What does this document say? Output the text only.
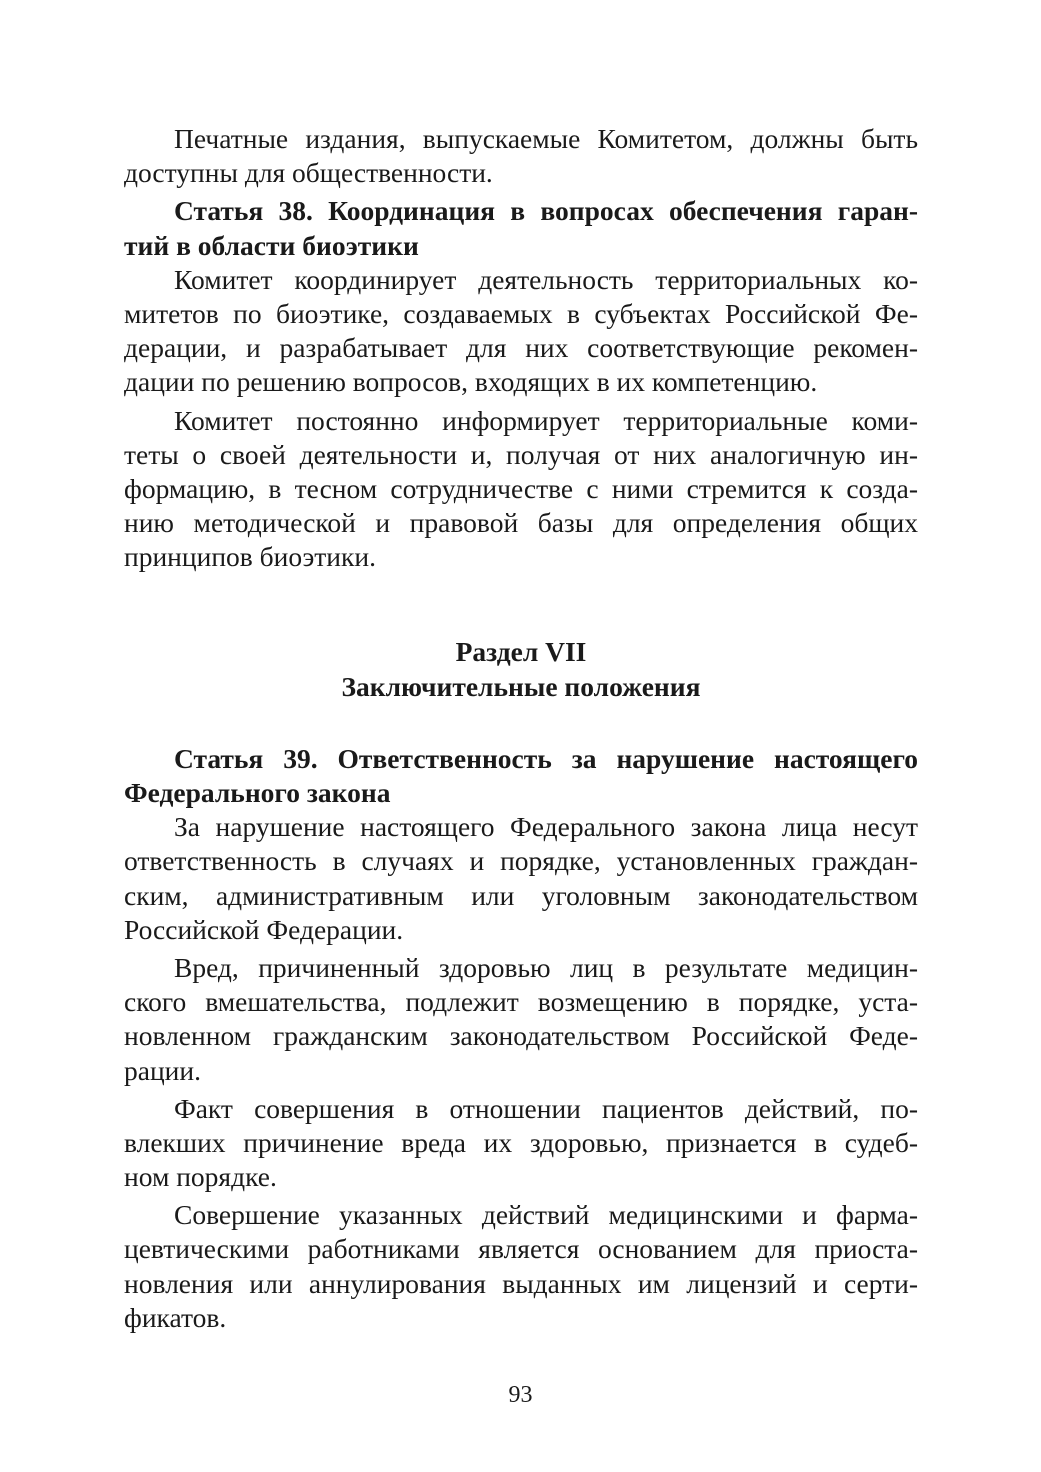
Печатные издания, выпускаемые Комитетом, должны быть
доступны для общественности.
Статья 38. Координация в вопросах обеспечения гаран-
тий в области биоэтики
Комитет координирует деятельность территориальных ко-
митетов по биоэтике, создаваемых в субъектах Российской Фе-
дерации, и разрабатывает для них соответствующие рекомен-
дации по решению вопросов, входящих в их компетенцию.
Комитет постоянно информирует территориальные коми-
теты о своей деятельности и, получая от них аналогичную ин-
формацию, в тесном сотрудничестве с ними стремится к созда-
нию методической и правовой базы для определения общих
принципов биоэтики.
Раздел VII
Заключительные положения
Статья 39. Ответственность за нарушение настоящего
Федерального закона
За нарушение настоящего Федерального закона лица несут
ответственность в случаях и порядке, установленных граждан-
ским, административным или уголовным законодательством
Российской Федерации.
Вред, причиненный здоровью лиц в результате медицин-
ского вмешательства, подлежит возмещению в порядке, уста-
новленном гражданским законодательством Российской Феде-
рации.
Факт совершения в отношении пациентов действий, по-
влекших причинение вреда их здоровью, признается в судеб-
ном порядке.
Совершение указанных действий медицинскими и фарма-
цевтическими работниками является основанием для приоста-
новления или аннулирования выданных им лицензий и серти-
фикатов.
93
